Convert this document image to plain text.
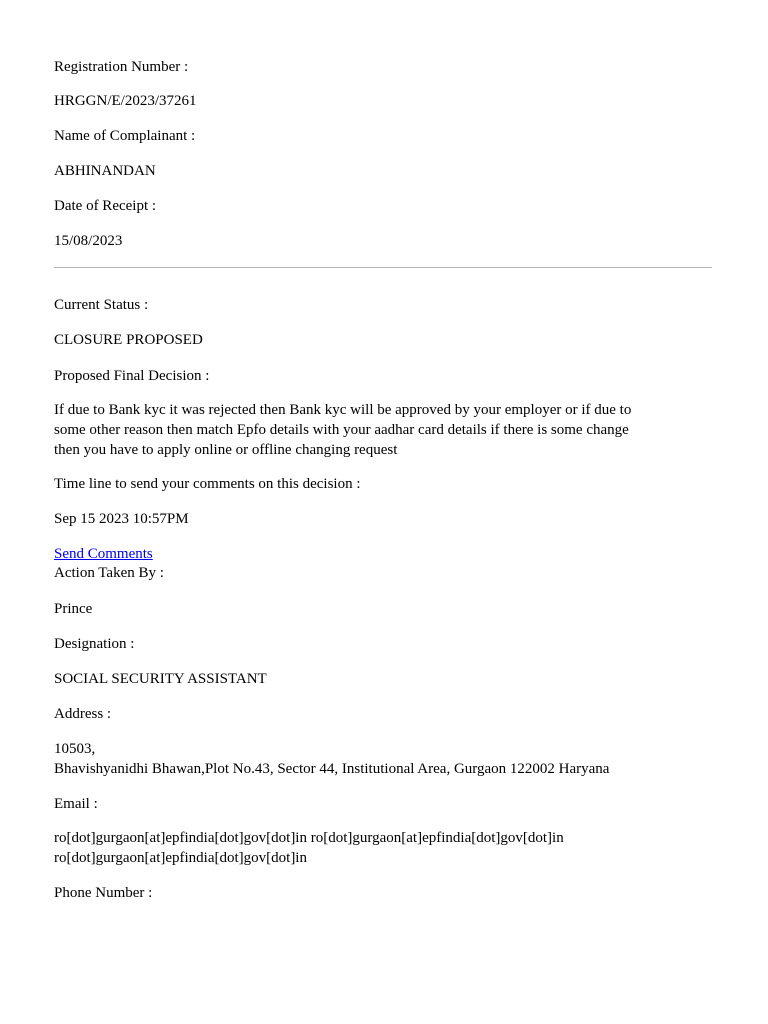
Registration Number :
HRGGN/E/2023/37261
Name of Complainant :
ABHINANDAN
Date of Receipt :
15/08/2023
Current Status :
CLOSURE PROPOSED
Proposed Final Decision :
If due to Bank kyc it was rejected then Bank kyc will be approved by your employer or if due to
some other reason then match Epfo details with your aadhar card details if there is some change
then you have to apply online or offline changing request
Time line to send your comments on this decision :
Sep 15 2023 10:57PM
Send Comments
Action Taken By :
Prince
Designation :
SOCIAL SECURITY ASSISTANT
Address :
10503,
Bhavishyanidhi Bhawan,Plot No.43, Sector 44, Institutional Area, Gurgaon 122002 Haryana
Email :
ro[dot]gurgaon[at]epfindia[dot]gov[dot]in ro[dot]gurgaon[at]epfindia[dot]gov[dot]in
ro[dot]gurgaon[at]epfindia[dot]gov[dot]in
Phone Number :
